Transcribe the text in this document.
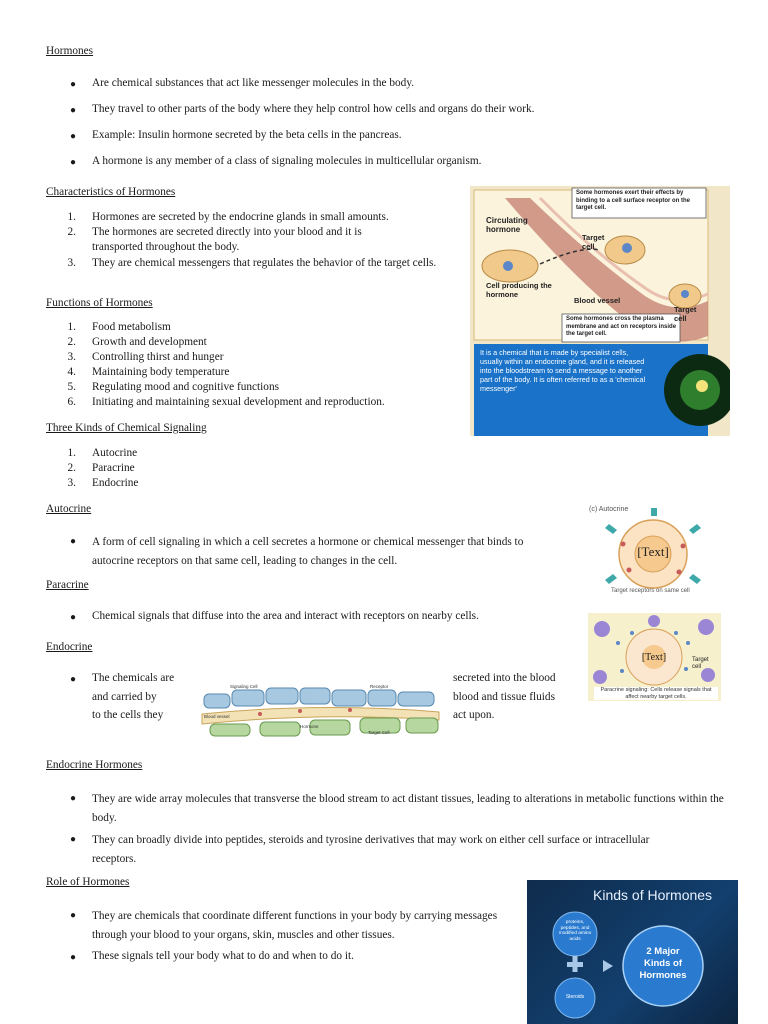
Hormones
● Are chemical substances that act like messenger molecules in the body.
● They travel to other parts of the body where they help control how cells and organs do their work.
● Example: Insulin hormone secreted by the beta cells in the pancreas.
● A hormone is any member of a class of signaling molecules in multicellular organism.
Characteristics of Hormones
1. Hormones are secreted by the endocrine glands in small amounts.
2. The hormones are secreted directly into your blood and it is transported throughout the body.
3. They are chemical messengers that regulates the behavior of the target cells.
Functions of Hormones
1. Food metabolism
2. Growth and development
3. Controlling thirst and hunger
4. Maintaining body temperature
5. Regulating mood and cognitive functions
6. Initiating and maintaining sexual development and reproduction.
Three Kinds of Chemical Signaling
1. Autocrine
2. Paracrine
3. Endocrine
Autocrine
● A form of cell signaling in which a cell secretes a hormone or chemical messenger that binds to autocrine receptors on that same cell, leading to changes in the cell.
Paracrine
● Chemical signals that diffuse into the area and interact with receptors on nearby cells.
Endocrine
● The chemicals are
and carried by
to the cells they
secreted into the blood
blood and tissue fluids
act upon.
Endocrine Hormones
● They are wide array molecules that transverse the blood stream to act distant tissues, leading to alterations in metabolic functions within the body.
● They can broadly divide into peptides, steroids and tyrosine derivatives that may work on either cell surface or intracellular receptors.
Role of Hormones
● They are chemicals that coordinate different functions in your body by carrying messages through your blood to your organs, skin, muscles and other tissues.
● These signals tell your body what to do and when to do it.
Some hormones exert their effects by binding to a cell surface receptor on the target cell.
Circulating hormone
Target cell
Cell producing the hormone
Blood vessel
Target cell
Some hormones cross the plasma membrane and act on receptors inside the target cell.
It is a chemical that is made by specialist cells, usually within an endocrine gland, and it is released into the bloodstream to send a message to another part of the body. It is often referred to as a 'chemical messenger'
(c) Autocrine
[Text]
Target receptors on same cell
[Text]	Target cell
Paracrine signaling: Cells release signals that affect nearby target cells.
Signaling Cell	Receptor
Blood vessel
Hormone
Target Cell
Kinds of Hormones
proteins, peptides, and modified amino acids
Steroids
2 Major Kinds of Hormones
